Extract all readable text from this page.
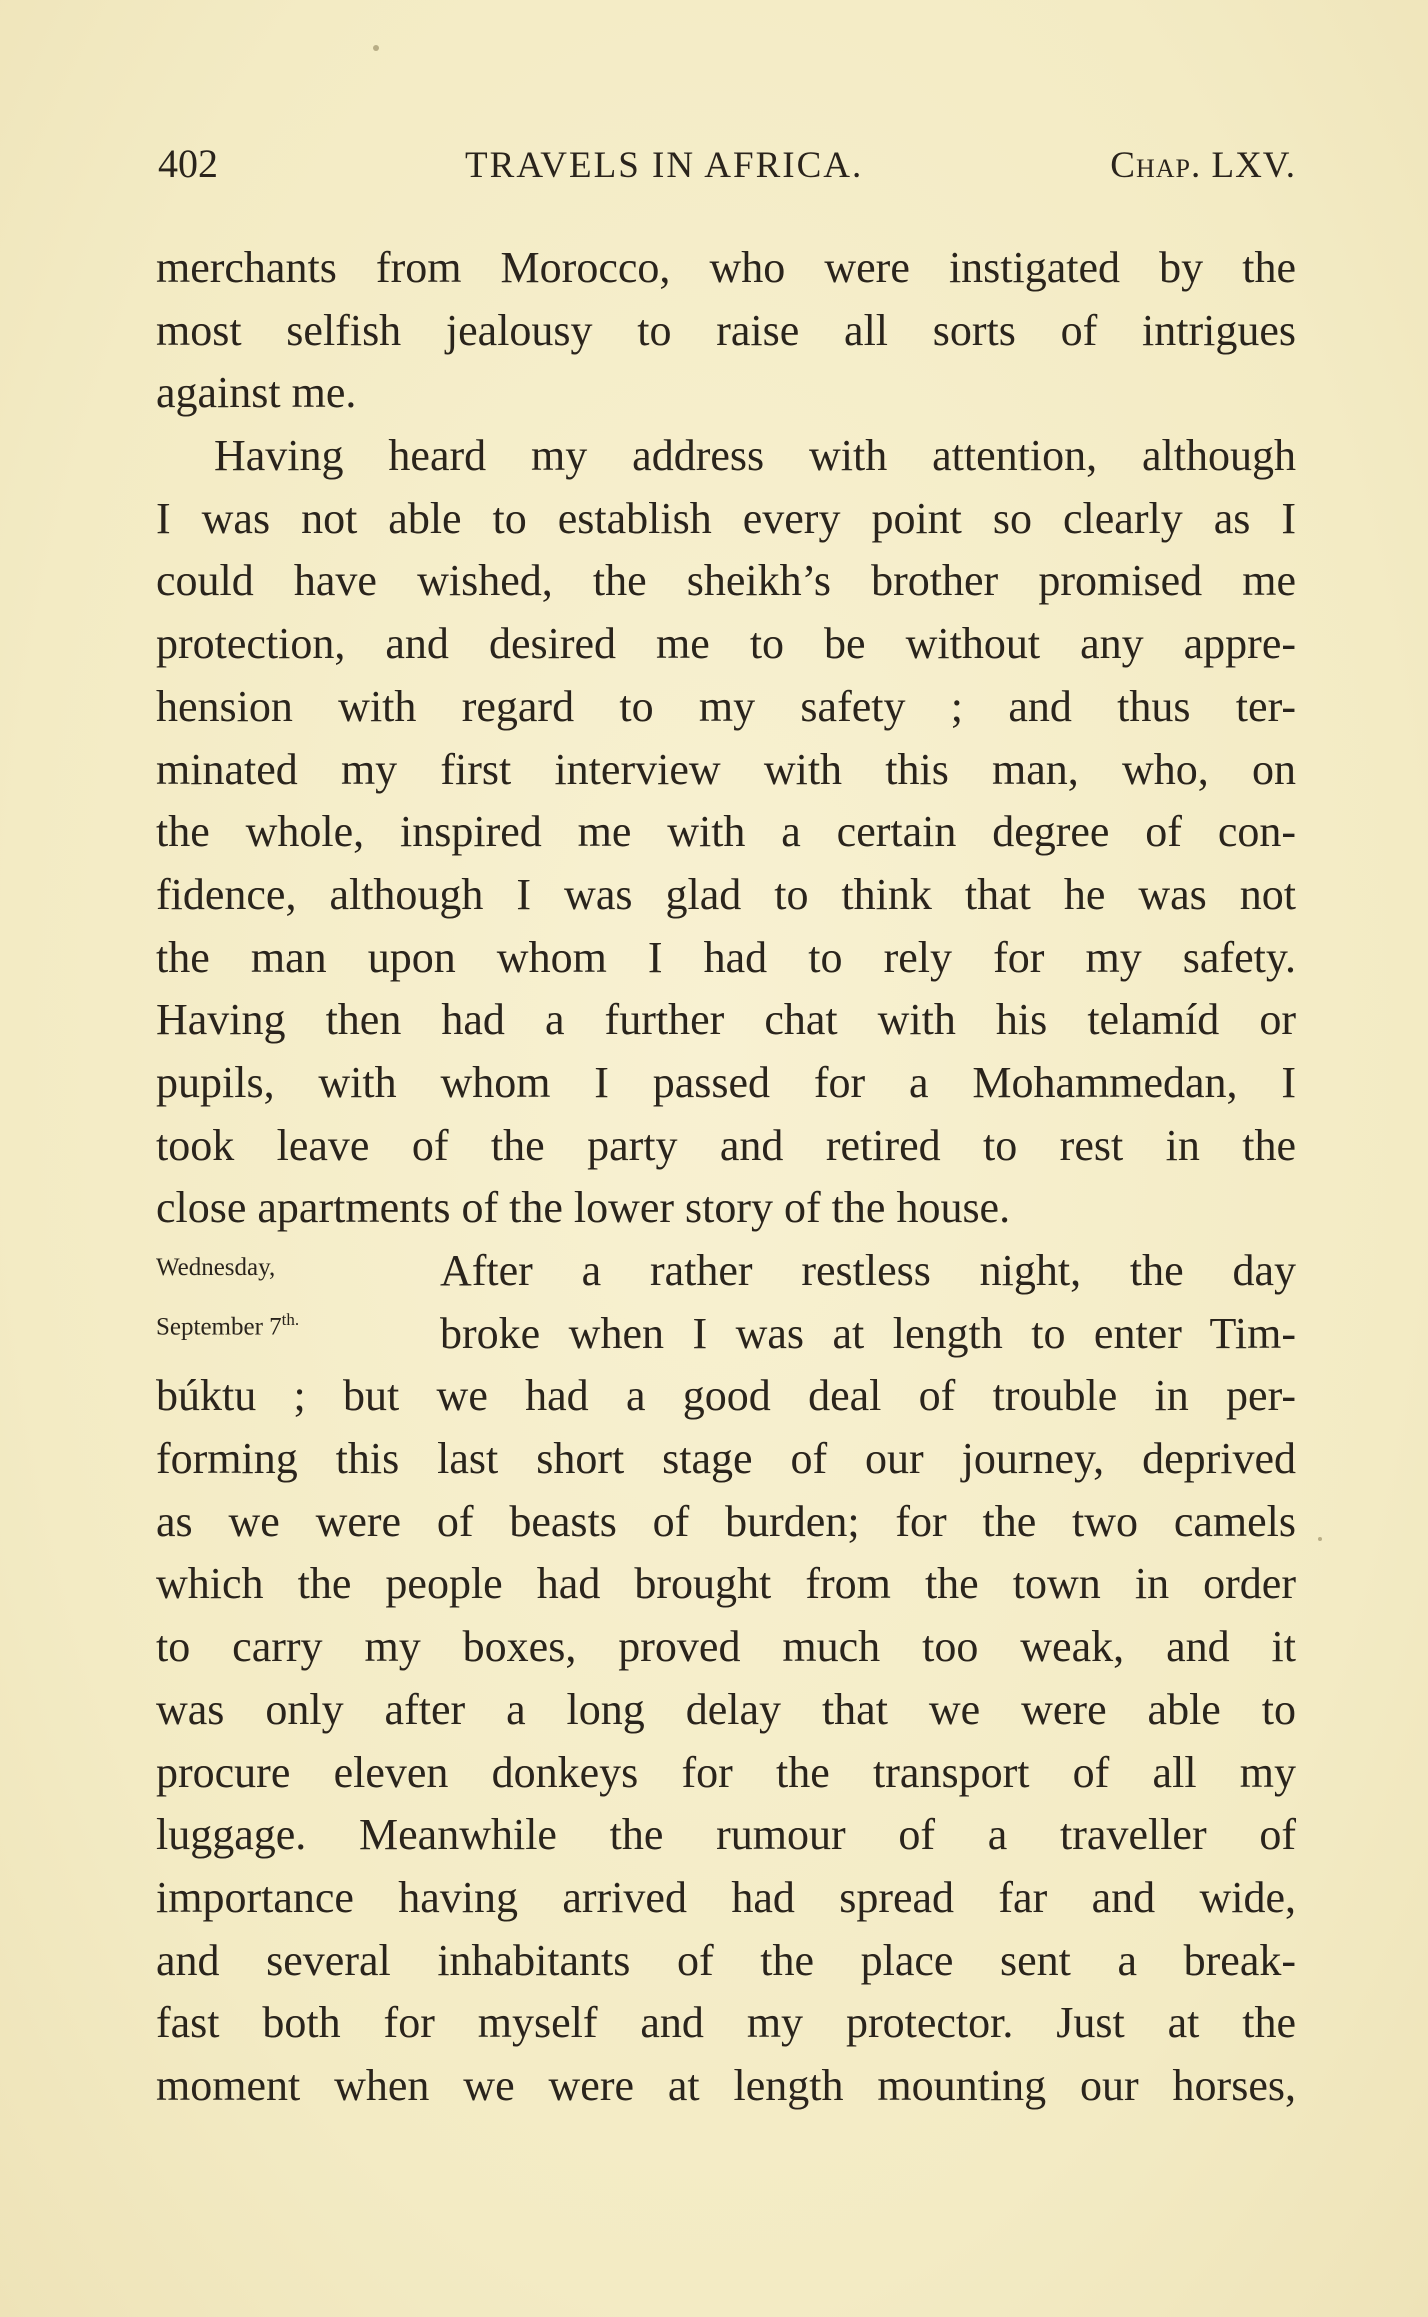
402	TRAVELS IN AFRICA.	Chap. LXV.
Wednesday,
September $7^{th.}$
merchants from Morocco, who were instigated by the
most selfish jealousy to raise all sorts of intrigues
against me.
Having heard my address with attention, although
I was not able to establish every point so clearly as I
could have wished, the sheikh’s brother promised me
protection, and desired me to be without any appre-
hension with regard to my safety ; and thus ter-
minated my first interview with this man, who, on
the whole, inspired me with a certain degree of con-
fidence, although I was glad to think that he was not
the man upon whom I had to rely for my safety.
Having then had a further chat with his telamíd or
pupils, with whom I passed for a Mohammedan, I
took leave of the party and retired to rest in the
close apartments of the lower story of the house.
After a rather restless night, the day
broke when I was at length to enter Tim-
búktu ; but we had a good deal of trouble in per-
forming this last short stage of our journey, deprived
as we were of beasts of burden; for the two camels
which the people had brought from the town in order
to carry my boxes, proved much too weak, and it
was only after a long delay that we were able to
procure eleven donkeys for the transport of all my
luggage. Meanwhile the rumour of a traveller of
importance having arrived had spread far and wide,
and several inhabitants of the place sent a break-
fast both for myself and my protector. Just at the
moment when we were at length mounting our horses,
